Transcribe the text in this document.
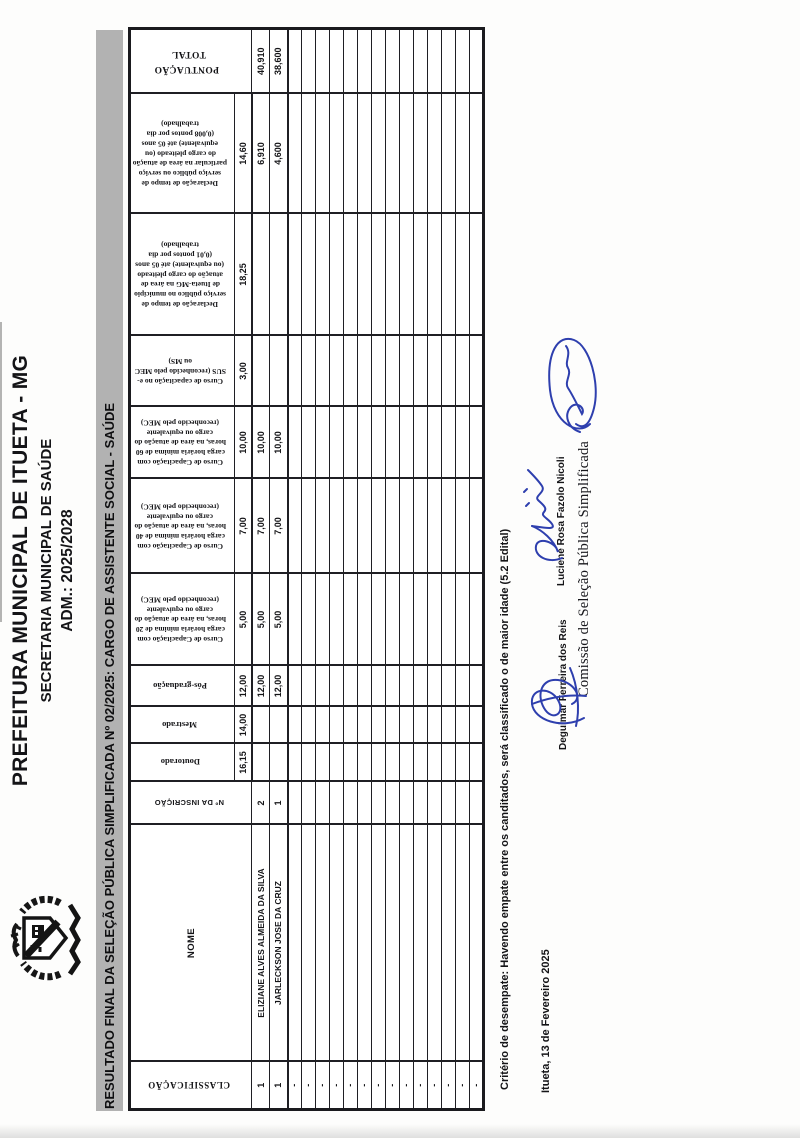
PREFEITURA MUNICIPAL DE ITUETA - MG SECRETARIA MUNICIPAL DE SAÚDE ADM.: 2025/2028	RESULTADO FINAL DA SELEÇÃO PÚBLICA SIMPLIFICADA Nº 02/2025: CARGO DE ASSISTENTE SOCIAL - SAÚDE	CLASSIFICAÇÃO	NOME	Nº DA INSCRIÇÃO	Doutorado	Mestrado	Pós-graduação	Curso de Capacitação com carga horária mínima de 20 horas, na área de atuação do cargo ou equivalente (reconhecido pelo MEC)	Curso de Capacitação com carga horária mínima de 40 horas, na área de atuação do cargo ou equivalente (reconhecido pelo MEC)	Curso de Capacitação com carga horária mínima de 60 horas, na área de atuação do cargo ou equivalente (reconhecido pelo MEC)	Curso de capacitação no e-SUS (reconhecido pelo MEC ou MS)	Declaração de tempo de serviço público no município de Itueta-MG na área de atuação do cargo pleiteado (ou equivalente) até 05 anos (0,01 pontos por dia trabalhado)	Declaração de tempo de serviço público ou serviço particular na área de atuação do cargo pleiteado (ou equivalente) até 05 anos (0,008 pontos por dia trabalhado)	PONTUAÇÃO TOTAL
			16,15	14,00	12,00	5,00	7,00	10,00	3,00	18,25	14,60	
1	ELIZIANE ALVES ALMEIDA DA SILVA	2			12,00	5,00	7,00	10,00			6,910	40,910
1	JARLECKSON JOSE DA CRUZ	1			12,00	5,00	7,00	10,00			4,600	38,600
-												
-												
-												
-												
-												
-												
-												
-												
-												
-												
-												
-												
-												
-												Critério de desempate: Havendo empate entre os canditados, será classificado o de maior idade (5.2 Edital)	Itueta, 13 de Fevereiro 2025
Deguimar Ferreira dos Reis
Luciene Rosa Fazolo Nicoli Comissão de Seleção Pública Simplificada
